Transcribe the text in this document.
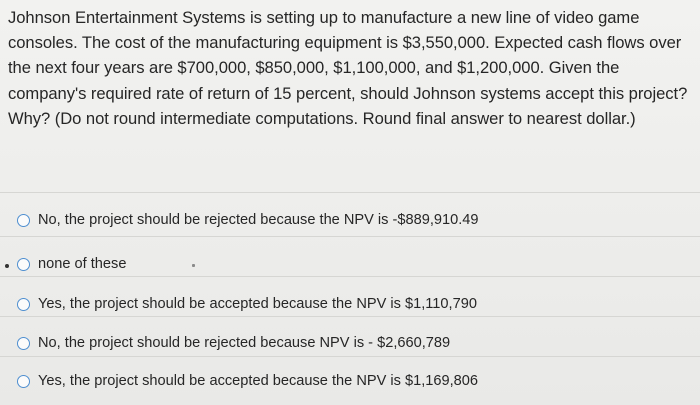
Johnson Entertainment Systems is setting up to manufacture a new line of video game consoles. The cost of the manufacturing equipment is $3,550,000. Expected cash flows over the next four years are $700,000, $850,000, $1,100,000, and $1,200,000. Given the company's required rate of return of 15 percent, should Johnson systems accept this project? Why? (Do not round intermediate computations. Round final answer to nearest dollar.)

No, the project should be rejected because the NPV is -$889,910.49
none of these
Yes, the project should be accepted because the NPV is $1,110,790
No, the project should be rejected because NPV is - $2,660,789
Yes, the project should be accepted because the NPV is $1,169,806
